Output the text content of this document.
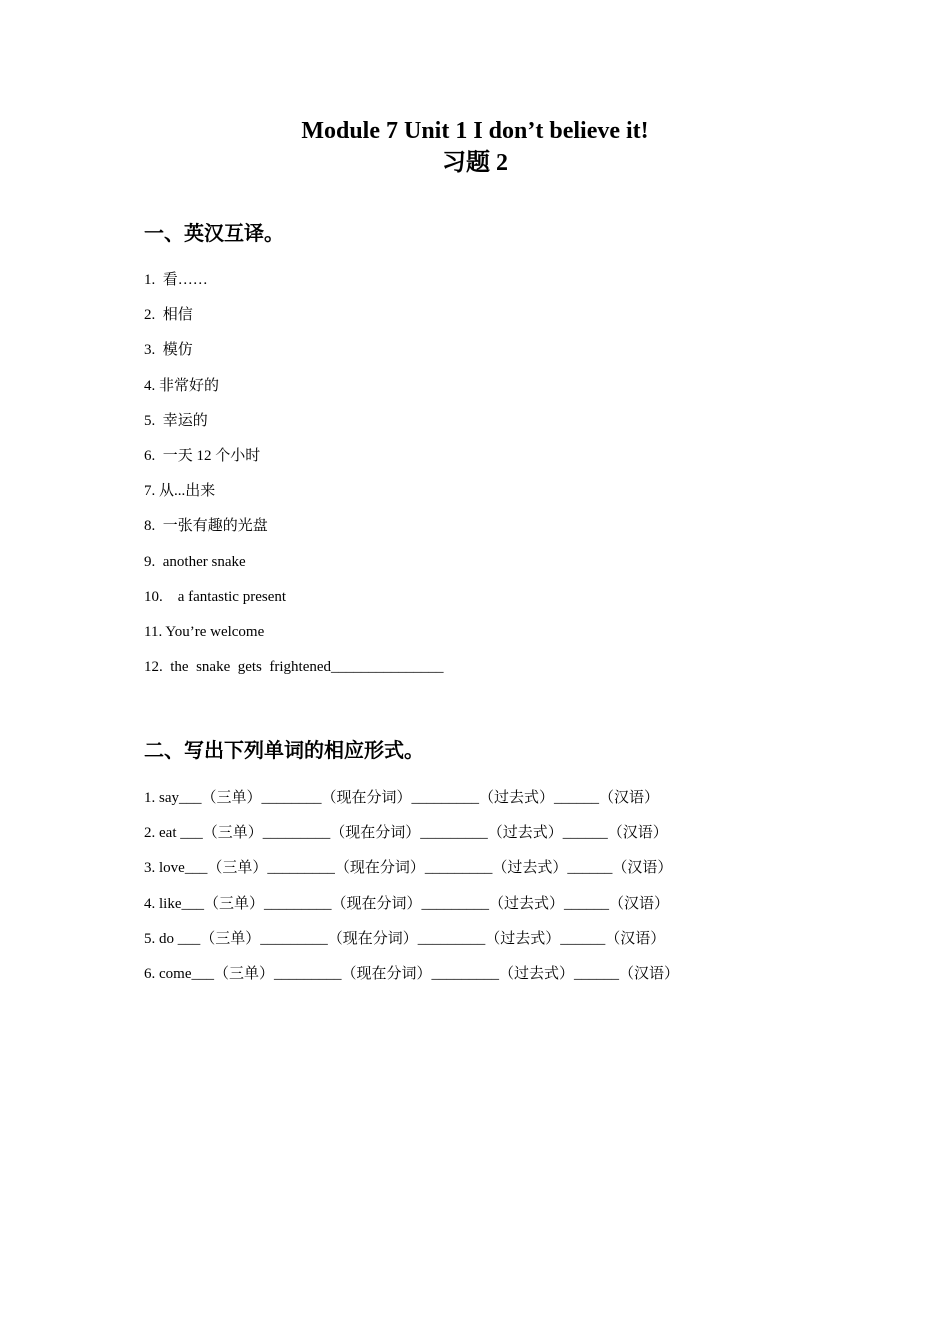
Module 7 Unit 1 I don’t believe it!
习题 2
一、英汉互译。
1.  看……
2.  相信
3.  模仿
4. 非常好的
5.  幸运的
6.  一天 12 个小时
7. 从...出来
8.  一张有趣的光盘
9.  another snake
10.    a fantastic present
11. You’re welcome
12.  the  snake  gets  frightened_______________
二、写出下列单词的相应形式。
1. say___（三单）________（现在分词）_________（过去式）______（汉语）
2. eat ___（三单）_________（现在分词）_________（过去式）______（汉语）
3. love___（三单）_________（现在分词）_________（过去式）______（汉语）
4. like___（三单）_________（现在分词）_________（过去式）______（汉语）
5. do ___（三单）_________（现在分词）_________（过去式）______（汉语）
6. come___（三单）_________（现在分词）_________（过去式）______（汉语）
